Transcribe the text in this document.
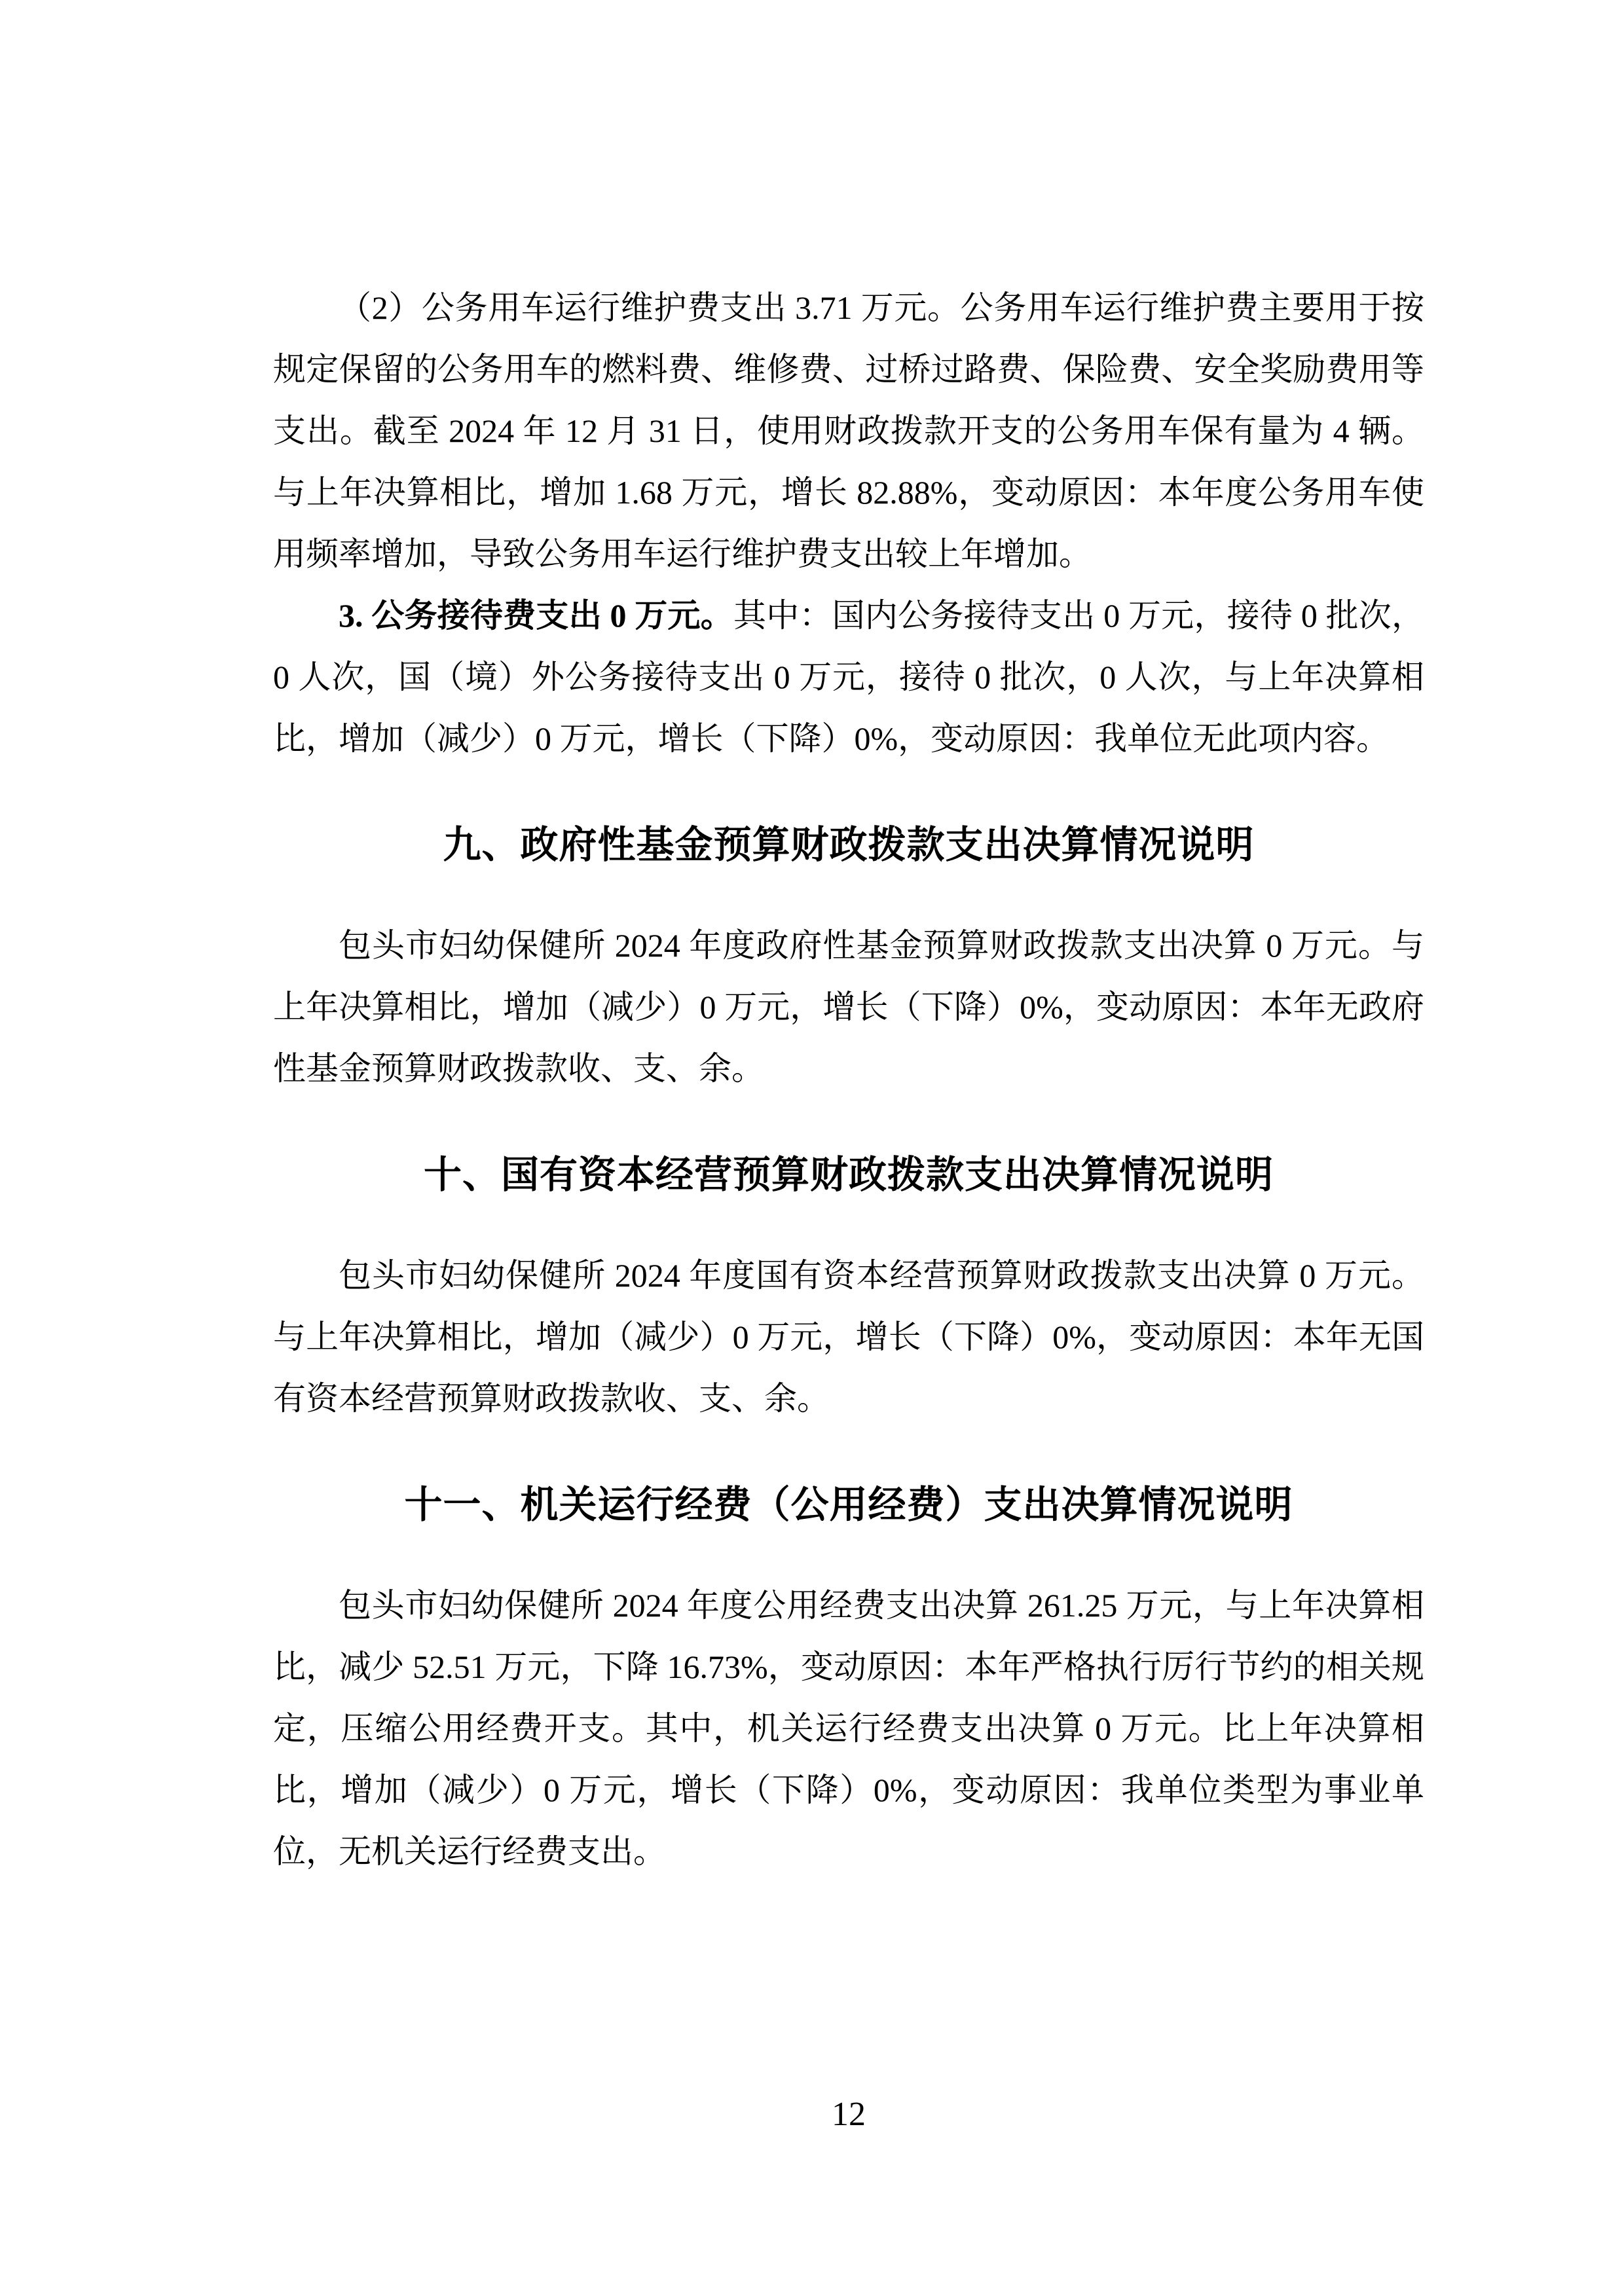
（2）公务用车运行维护费支出 3.71 万元。公务用车运行维护费主要用于按规定保留的公务用车的燃料费、维修费、过桥过路费、保险费、安全奖励费用等支出。截至 2024 年 12 月 31 日，使用财政拨款开支的公务用车保有量为 4 辆。与上年决算相比，增加 1.68 万元，增长 82.88%，变动原因：本年度公务用车使用频率增加，导致公务用车运行维护费支出较上年增加。

3. 公务接待费支出 0 万元。其中：国内公务接待支出 0 万元，接待 0 批次，0 人次，国（境）外公务接待支出 0 万元，接待 0 批次，0 人次，与上年决算相比，增加（减少）0 万元，增长（下降）0%，变动原因：我单位无此项内容。

九、政府性基金预算财政拨款支出决算情况说明

包头市妇幼保健所 2024 年度政府性基金预算财政拨款支出决算 0 万元。与上年决算相比，增加（减少）0 万元，增长（下降）0%，变动原因：本年无政府性基金预算财政拨款收、支、余。

十、国有资本经营预算财政拨款支出决算情况说明

包头市妇幼保健所 2024 年度国有资本经营预算财政拨款支出决算 0 万元。与上年决算相比，增加（减少）0 万元，增长（下降）0%，变动原因：本年无国有资本经营预算财政拨款收、支、余。

十一、机关运行经费（公用经费）支出决算情况说明

包头市妇幼保健所 2024 年度公用经费支出决算 261.25 万元，与上年决算相比，减少 52.51 万元，下降 16.73%，变动原因：本年严格执行厉行节约的相关规定，压缩公用经费开支。其中，机关运行经费支出决算 0 万元。比上年决算相比，增加（减少）0 万元，增长（下降）0%，变动原因：我单位类型为事业单位，无机关运行经费支出。

12
